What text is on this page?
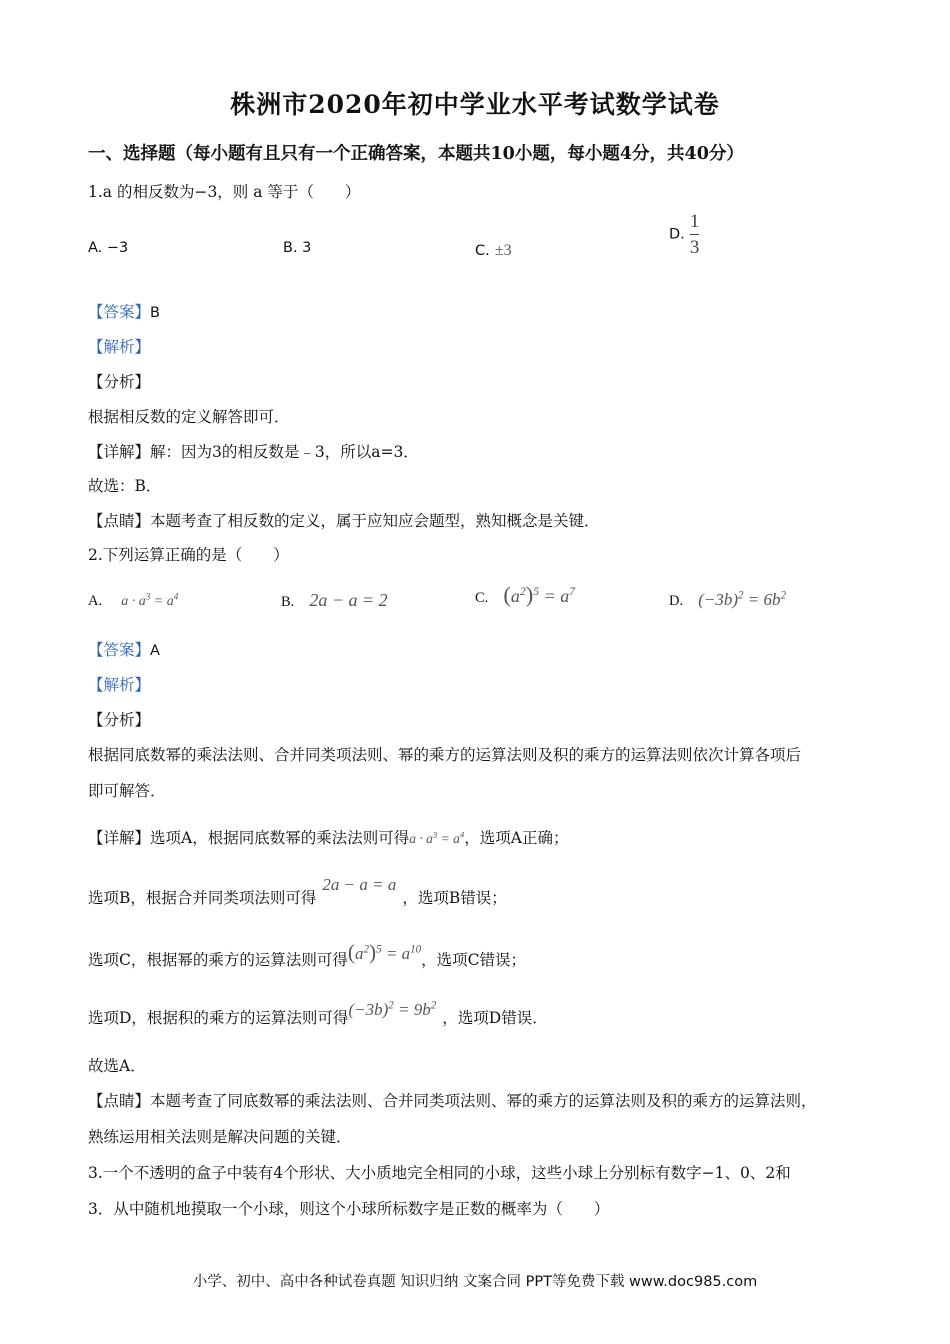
株洲市2020年初中学业水平考试数学试卷
一、选择题（每小题有且只有一个正确答案，本题共10小题，每小题4分，共40分）
1.a 的相反数为−3，则 a 等于（　　）
A. −3	B. 3	C. ±3
D. $\frac{1}{3}$
【答案】B
【解析】
【分析】
根据相反数的定义解答即可．
【详解】解：因为3的相反数是﹣3，所以a=3．
故选：B．
【点睛】本题考查了相反数的定义，属于应知应会题型，熟知概念是关键．
2.下列运算正确的是（　　）
A. $a \cdot a^3 = a^4$	B. 2a − a = 2	C. $(a^2)^5 = a^7$
D. $(-3b)^2 = 6b^2$
【答案】A
【解析】
【分析】
根据同底数幂的乘法法则、合并同类项法则、幂的乘方的运算法则及积的乘方的运算法则依次计算各项后
即可解答．
【详解】选项A，根据同底数幂的乘法法则可得$a \cdot a^3 = a^4$，选项A正确；
选项B，根据合并同类项法则可得2a − a = a，选项B错误；
选项C，根据幂的乘方的运算法则可得$(a^2)^5 = a^{10}$，选项C错误；
选项D，根据积的乘方的运算法则可得$(-3b)^2 = 9b^2$，选项D错误．
故选A．
【点睛】本题考查了同底数幂的乘法法则、合并同类项法则、幂的乘方的运算法则及积的乘方的运算法则，
熟练运用相关法则是解决问题的关键．
3.一个不透明的盒子中装有4个形状、大小质地完全相同的小球，这些小球上分别标有数字−1、0、2和
3．从中随机地摸取一个小球，则这个小球所标数字是正数的概率为（　　）
小学、初中、高中各种试卷真题 知识归纳 文案合同 PPT等免费下载 www.doc985.com
